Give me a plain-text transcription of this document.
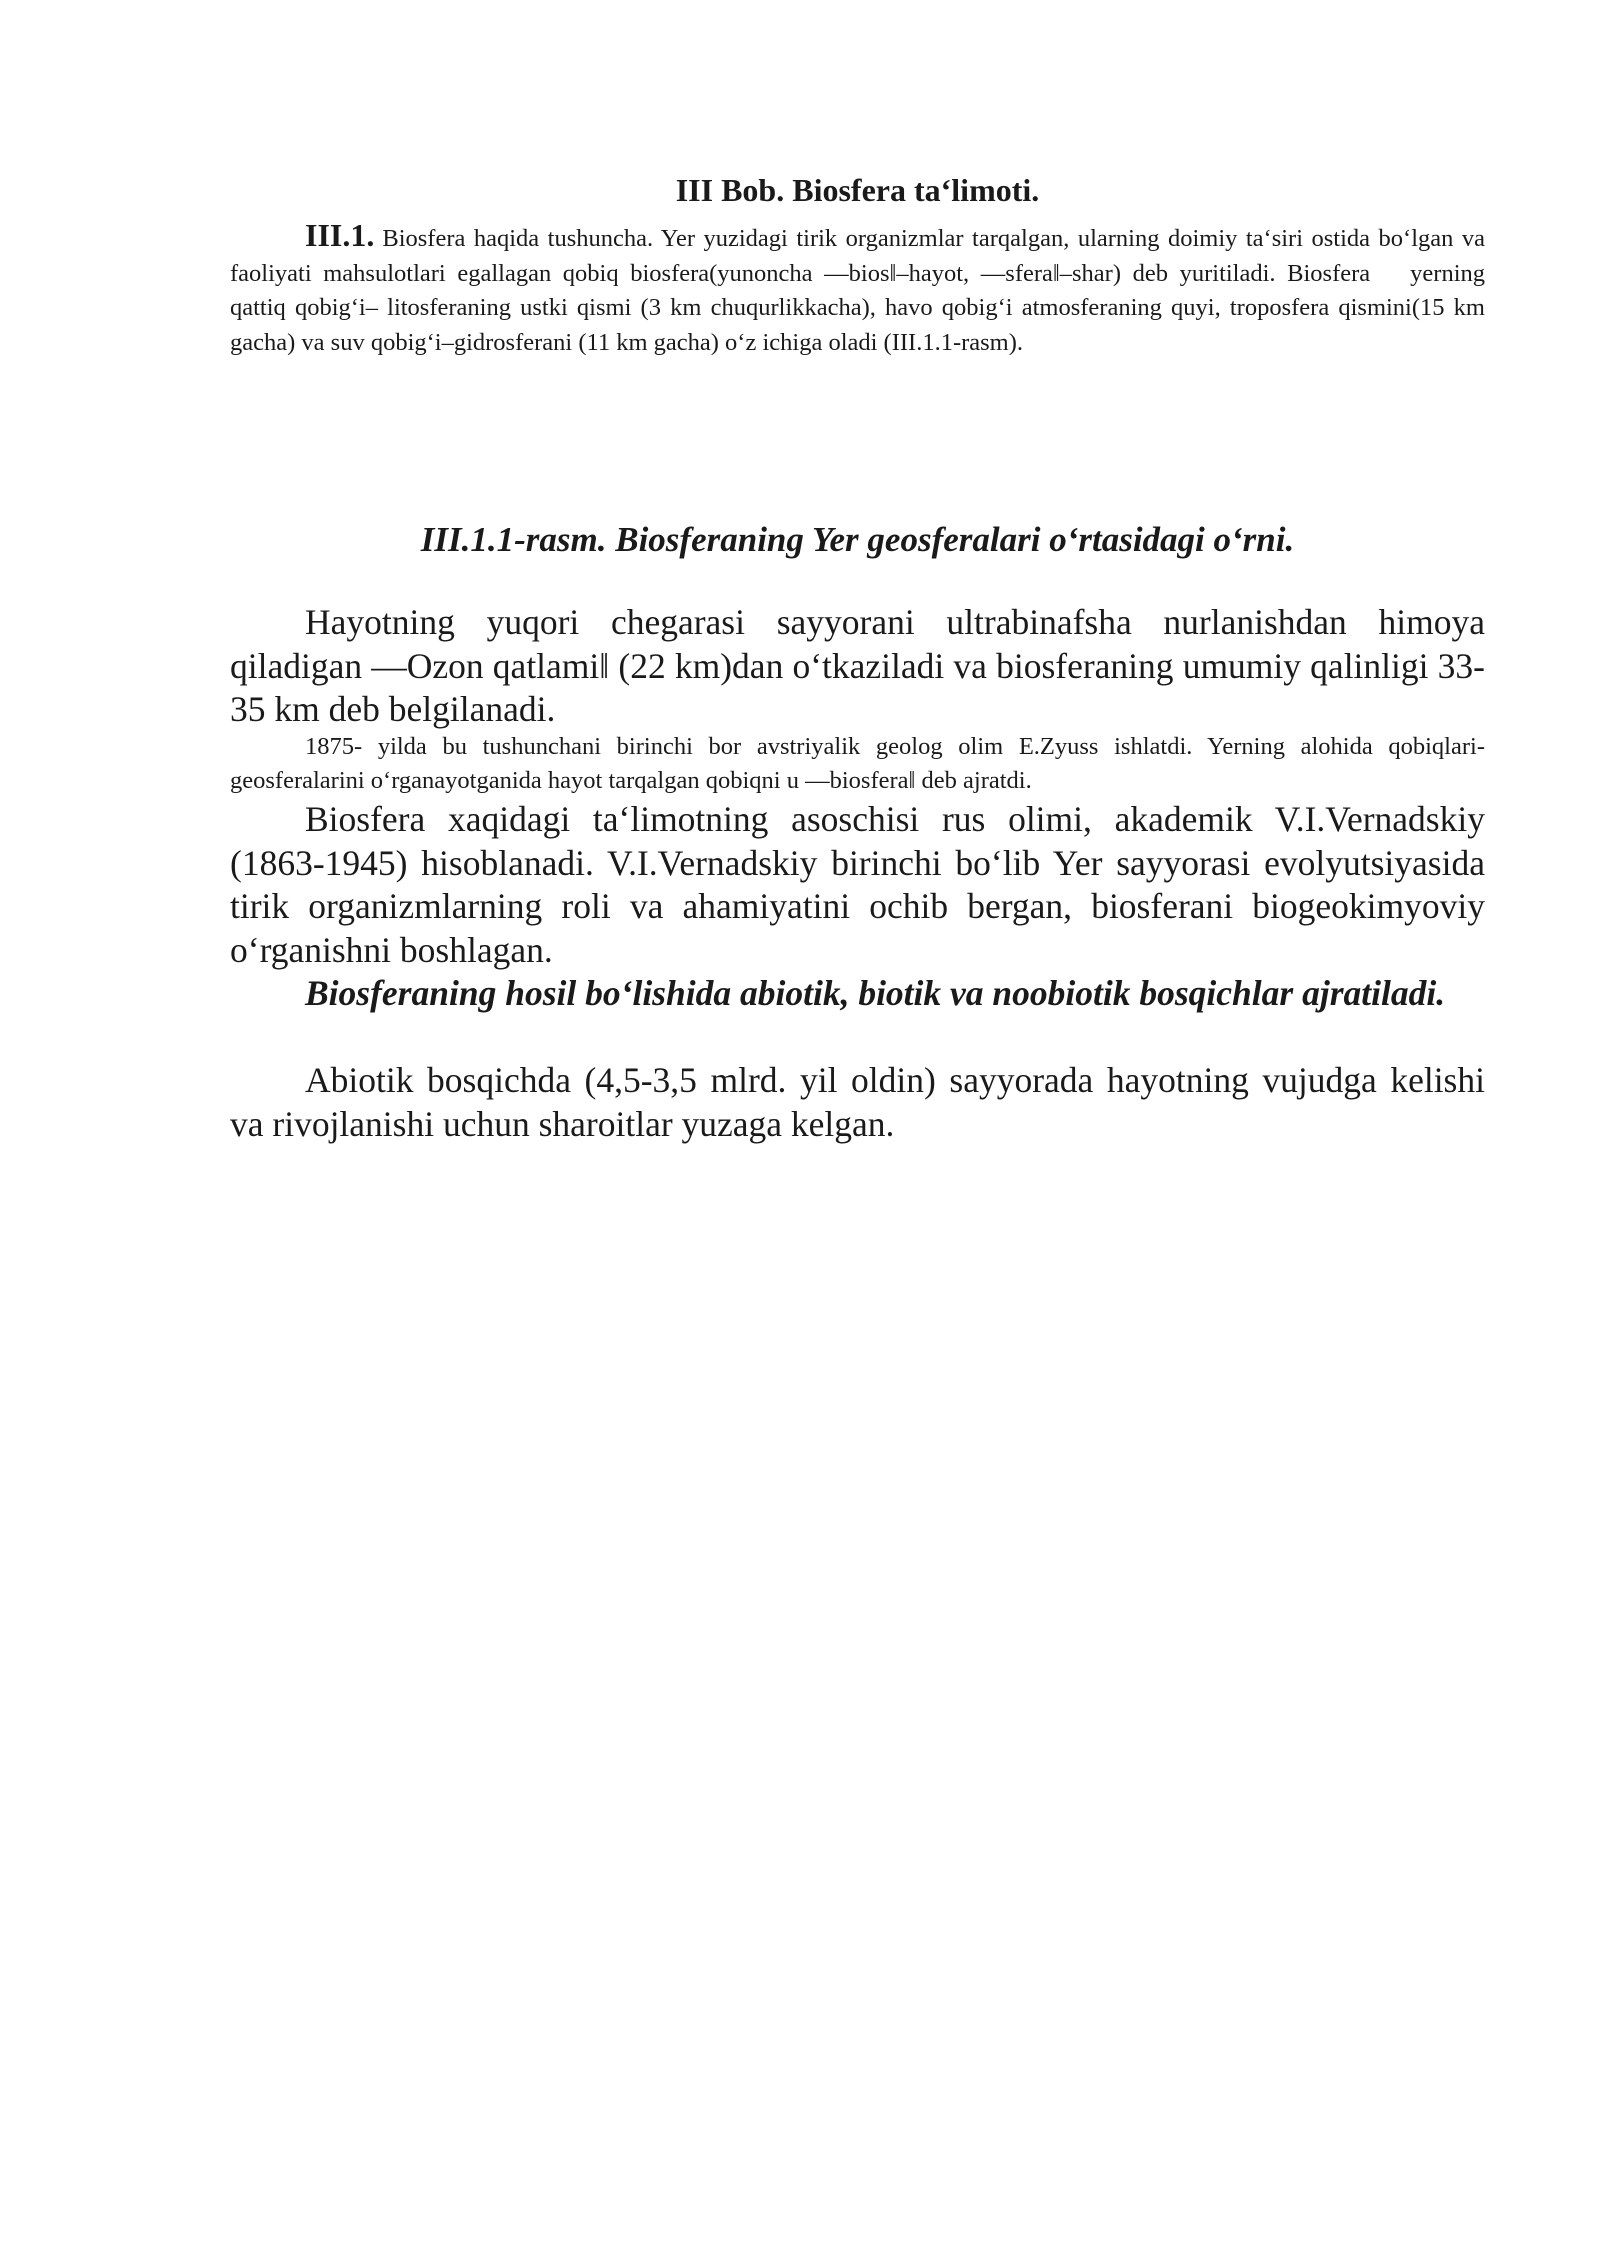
III Bob. Biosfera ta‘limoti.

III.1. Biosfera haqida tushuncha. Yer yuzidagi tirik organizmlar tarqalgan, ularning doimiy ta‘siri ostida bo‘lgan va faoliyati mahsulotlari egallagan qobiq biosfera(yunoncha ―bios‖–hayot, ―sfera‖–shar) deb yuritiladi. Biosfera yerning qattiq qobig‘i– litosferaning ustki qismi (3 km chuqurlikkacha), havo qobig‘i atmosferaning quyi, troposfera qismini(15 km gacha) va suv qobig‘i–gidrosferani (11 km gacha) o‘z ichiga oladi (III.1.1-rasm).

III.1.1-rasm. Biosferaning Yer geosferalari o‘rtasidagi o‘rni.

Hayotning yuqori chegarasi sayyorani ultrabinafsha nurlanishdan himoya qiladigan ―Ozon qatlami‖ (22 km)dan o‘tkaziladi va biosferaning umumiy qalinligi 33-35 km deb belgilanadi.

1875- yilda bu tushunchani birinchi bor avstriyalik geolog olim E.Zyuss ishlatdi. Yerning alohida qobiqlari-geosferalarini o‘rganayotganida hayot tarqalgan qobiqni u ―biosfera‖ deb ajratdi.

Biosfera xaqidagi ta‘limotning asoschisi rus olimi, akademik V.I.Vernadskiy (1863-1945) hisoblanadi. V.I.Vernadskiy birinchi bo‘lib Yer sayyorasi evolyutsiyasida tirik organizmlarning roli va ahamiyatini ochib bergan, biosferani biogeokimyoviy o‘rganishni boshlagan.

Biosferaning hosil bo‘lishida abiotik, biotik va noobiotik bosqichlar ajratiladi.

Abiotik bosqichda (4,5-3,5 mlrd. yil oldin) sayyorada hayotning vujudga kelishi va rivojlanishi uchun sharoitlar yuzaga kelgan.
